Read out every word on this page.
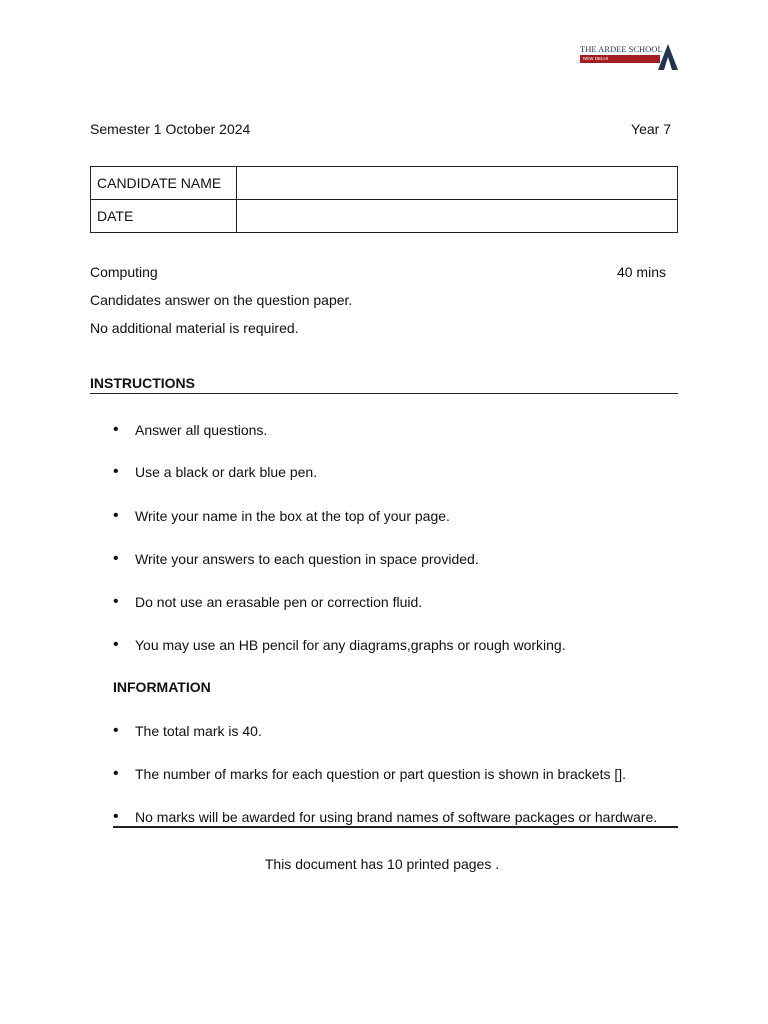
THE ARDEE SCHOOL
NEW DELHI
Semester 1 October 2024	Year 7
CANDIDATE NAME	
DATE	
Computing	40 mins
Candidates answer on the question paper.
No additional material is required.
INSTRUCTIONS
• Answer all questions.
• Use a black or dark blue pen.
• Write your name in the box at the top of your page.
• Write your answers to each question in space provided.
• Do not use an erasable pen or correction fluid.
• You may use an HB pencil for any diagrams,graphs or rough working.
INFORMATION
• The total mark is 40.
• The number of marks for each question or part question is shown in brackets [].
• No marks will be awarded for using brand names of software packages or hardware.
This document has 10 printed pages .
